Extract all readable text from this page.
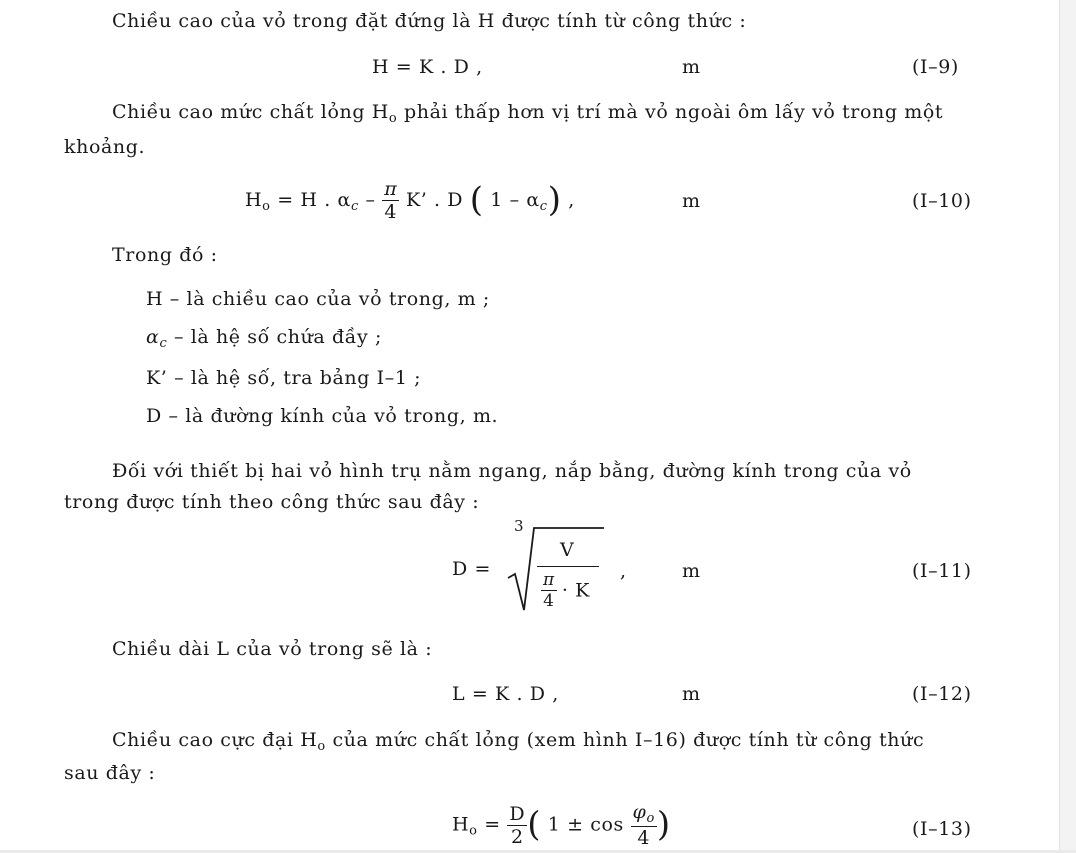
Chiều cao của vỏ trong đặt đứng là H được tính từ công thức :
H = K . D ,	m	(I–9)
Chiều cao mức chất lỏng $H_o$ phải thấp hơn vị trí mà vỏ ngoài ôm lấy vỏ trong một
khoảng.
$H_o = H$ . $\alpha_c - \frac{\pi}{4} K$’ . D ( $1 - \alpha_c$) ,	m	(I–10)
Trong đó :
H – là chiều cao của vỏ trong, m ;
$\alpha_c$ – là hệ số chứa đầy ;
K’ – là hệ số, tra bảng I–1 ;
D – là đường kính của vỏ trong, m.
Đối với thiết bị hai vỏ hình trụ nằm ngang, nắp bằng, đường kính trong của vỏ
trong được tính theo công thức sau đây :
D =
3
V
$\frac{\pi}{4} \cdot K$
,	m	(I–11)
Chiều dài L của vỏ trong sẽ là :
L = K . D ,	m	(I–12)
Chiều cao cực đại $H_o$ của mức chất lỏng (xem hình I–16) được tính từ công thức
sau đây :
$H_o = \frac{D}{2}$ ( $1 \pm \cos \frac{\varphi_o}{4}$ )	(I–13)
